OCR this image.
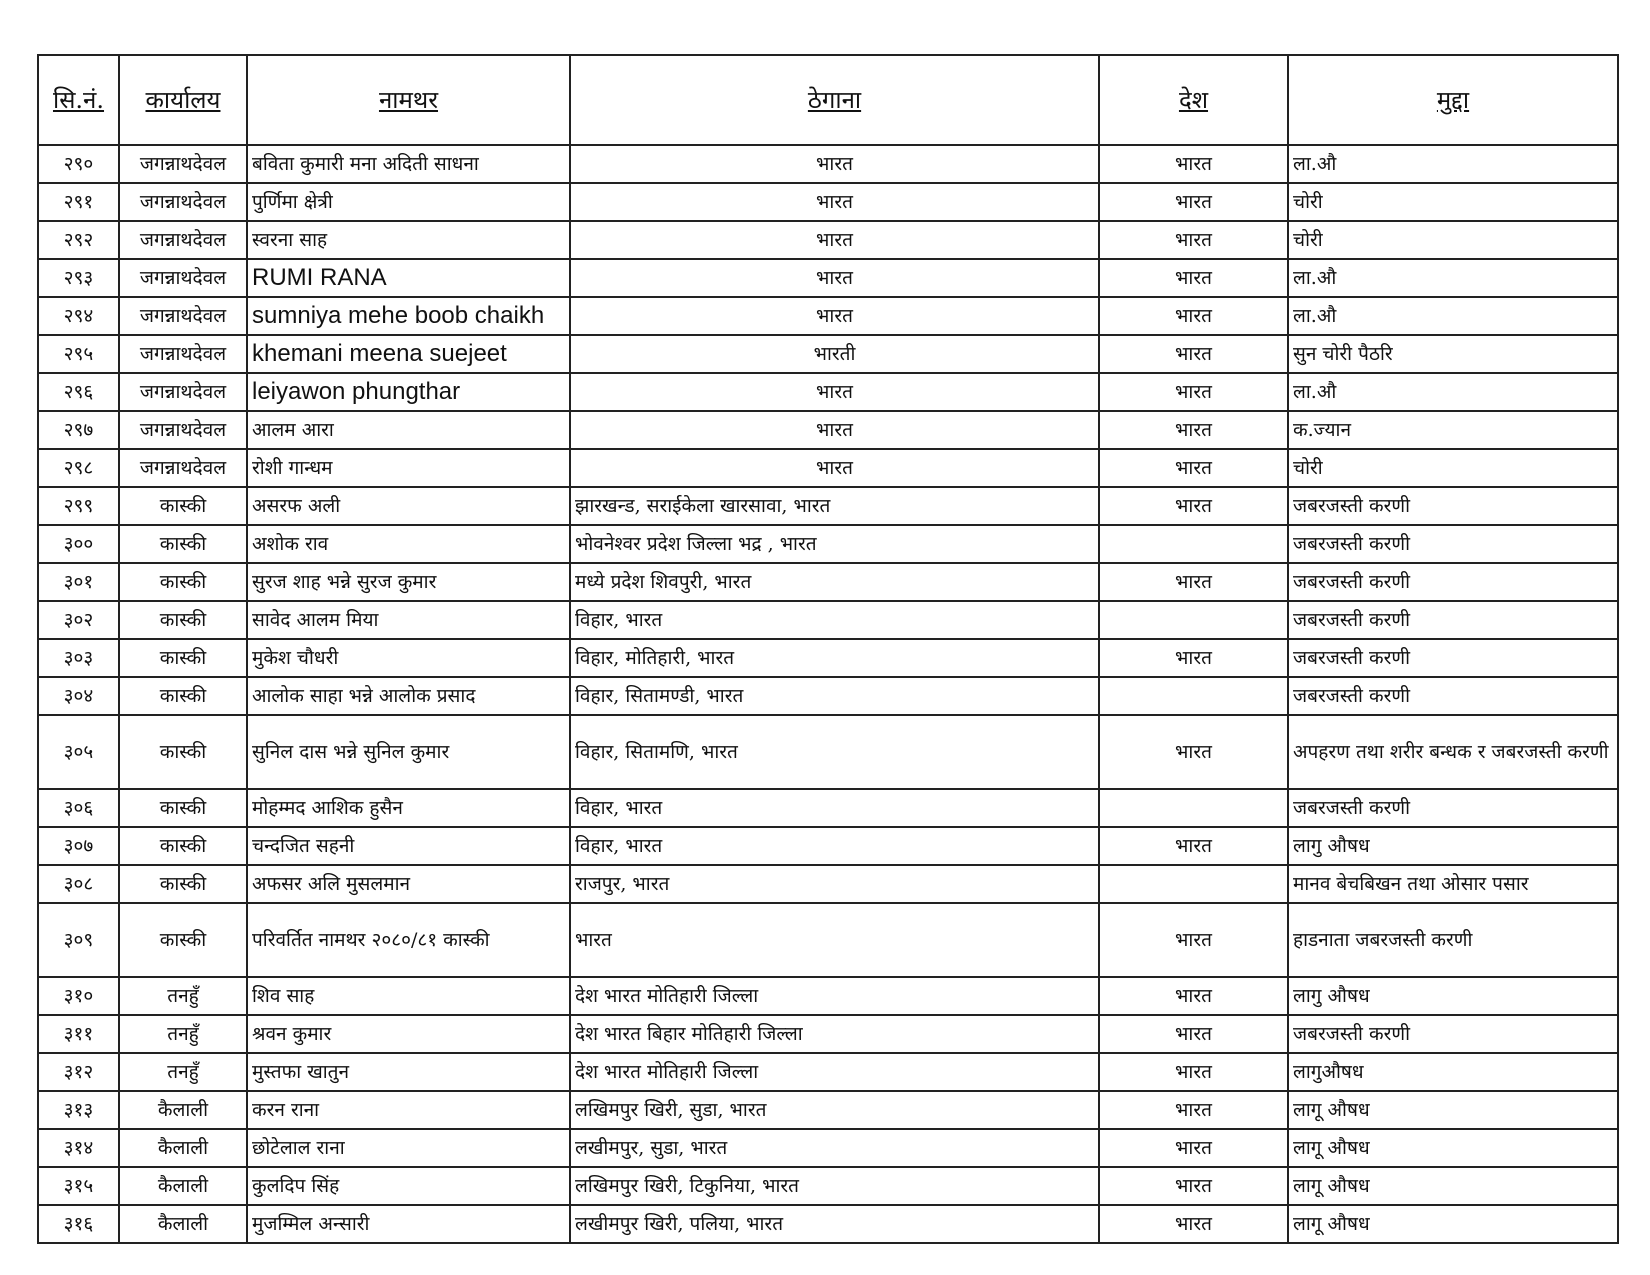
सि.नं.	कार्यालय	नामथर	ठेगाना	देश	मुद्दा
२९०	जगन्नाथदेवल	बविता कुमारी मना अदिती साधना	भारत	भारत	ला.औ
२९१	जगन्नाथदेवल	पुर्णिमा क्षेत्री	भारत	भारत	चोरी
२९२	जगन्नाथदेवल	स्वरना साह	भारत	भारत	चोरी
२९३	जगन्नाथदेवल	RUMI RANA	भारत	भारत	ला.औ
२९४	जगन्नाथदेवल	sumniya mehe boob chaikh	भारत	भारत	ला.औ
२९५	जगन्नाथदेवल	khemani meena suejeet	भारती	भारत	सुन चोरी पैठरि
२९६	जगन्नाथदेवल	leiyawon phungthar	भारत	भारत	ला.औ
२९७	जगन्नाथदेवल	आलम आरा	भारत	भारत	क.ज्यान
२९८	जगन्नाथदेवल	रोशी गान्धम	भारत	भारत	चोरी
२९९	कास्की	असरफ अली	झारखन्ड, सराईकेला खारसावा, भारत	भारत	जबरजस्ती करणी
३००	कास्की	अशोक राव	भोवनेश्वर प्रदेश जिल्ला भद्र , भारत		जबरजस्ती करणी
३०१	कास्की	सुरज शाह भन्ने सुरज कुमार	मध्ये प्रदेश शिवपुरी, भारत	भारत	जबरजस्ती करणी
३०२	कास्की	सावेद आलम मिया	विहार, भारत		जबरजस्ती करणी
३०३	कास्की	मुकेश चौधरी	विहार, मोतिहारी, भारत	भारत	जबरजस्ती करणी
३०४	कास्की	आलोक साहा भन्ने आलोक प्रसाद	विहार, सितामण्डी, भारत		जबरजस्ती करणी
३०५	कास्की	सुनिल दास भन्ने सुनिल कुमार	विहार, सितामणि, भारत	भारत	अपहरण तथा शरीर बन्धक र जबरजस्ती करणी
३०६	कास्की	मोहम्मद आशिक हुसैन	विहार, भारत		जबरजस्ती करणी
३०७	कास्की	चन्दजित सहनी	विहार, भारत	भारत	लागु औषध
३०८	कास्की	अफसर अलि मुसलमान	राजपुर, भारत		मानव बेचबिखन तथा ओसार पसार
३०९	कास्की	परिवर्तित नामथर २०८०/८१ कास्की	भारत	भारत	हाडनाता जबरजस्ती करणी
३१०	तनहुँ	शिव साह	देश भारत मोतिहारी जिल्ला	भारत	लागु औषध
३११	तनहुँ	श्रवन कुमार	देश भारत बिहार मोतिहारी जिल्ला	भारत	जबरजस्ती करणी
३१२	तनहुँ	मुस्तफा खातुन	देश भारत मोतिहारी जिल्ला	भारत	लागुऔषध
३१३	कैलाली	करन राना	लखिमपुर खिरी, सुडा, भारत	भारत	लागू औषध
३१४	कैलाली	छोटेलाल राना	लखीमपुर, सुडा, भारत	भारत	लागू औषध
३१५	कैलाली	कुलदिप सिंह	लखिमपुर खिरी, टिकुनिया, भारत	भारत	लागू औषध
३१६	कैलाली	मुजम्मिल अन्सारी	लखीमपुर खिरी, पलिया, भारत	भारत	लागू औषध
